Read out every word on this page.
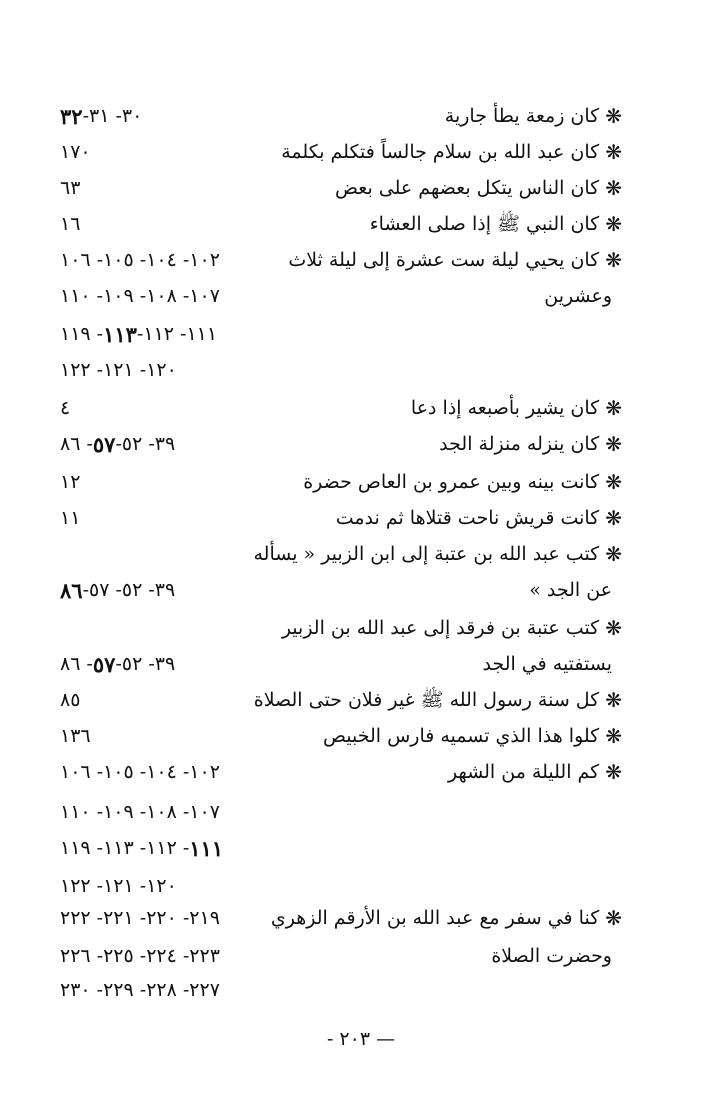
— ٢٠٣ -
❋
كان زمعة يطأ جارية
٣٠- ٣١-
٣٢
❋
كان عبد الله بن سلام جالساً فتكلم بكلمة
١٧٠
❋
كان الناس يتكل بعضهم على بعض
٦٣
❋
كان النبي ﷺ إذا صلى العشاء
١٦
❋
كان يحيي ليلة ست عشرة إلى ليلة ثلاث
١٠٢- ١٠٤- ١٠٥- ١٠٦
وعشرين
١٠٧- ١٠٨- ١٠٩- ١١٠
١١١- ١١٢-
١١٣
- ١١٩
١٢٠- ١٢١- ١٢٢
❋
كان يشير بأصبعه إذا دعا
٤
❋
كان ينزله منزلة الجد
٣٩- ٥٢-
٥٧
- ٨٦
❋
كانت بينه وبين عمرو بن العاص حضرة
١٢
❋
كانت قريش ناحت قتلاها ثم ندمت
١١
❋
كتب عبد الله بن عتبة إلى ابن الزبير « يسأله
عن الجد »
٣٩- ٥٢- ٥٧-
٨٦
❋
كتب عتبة بن فرقد إلى عبد الله بن الزبير
يستفتيه في الجد
٣٩- ٥٢-
٥٧
- ٨٦
❋
كل سنة رسول الله ﷺ غير فلان حتى الصلاة
٨٥
❋
كلوا هذا الذي تسميه فارس الخبيص
١٣٦
❋
كم الليلة من الشهر
١٠٢- ١٠٤- ١٠٥- ١٠٦
١٠٧- ١٠٨- ١٠٩- ١١٠
١١١
- ١١٢- ١١٣- ١١٩
١٢٠- ١٢١- ١٢٢
❋
كنا في سفر مع عبد الله بن الأرقم الزهري
٢١٩- ٢٢٠- ٢٢١- ٢٢٢
وحضرت الصلاة
٢٢٣- ٢٢٤- ٢٢٥- ٢٢٦
٢٢٧- ٢٢٨- ٢٢٩- ٢٣٠
